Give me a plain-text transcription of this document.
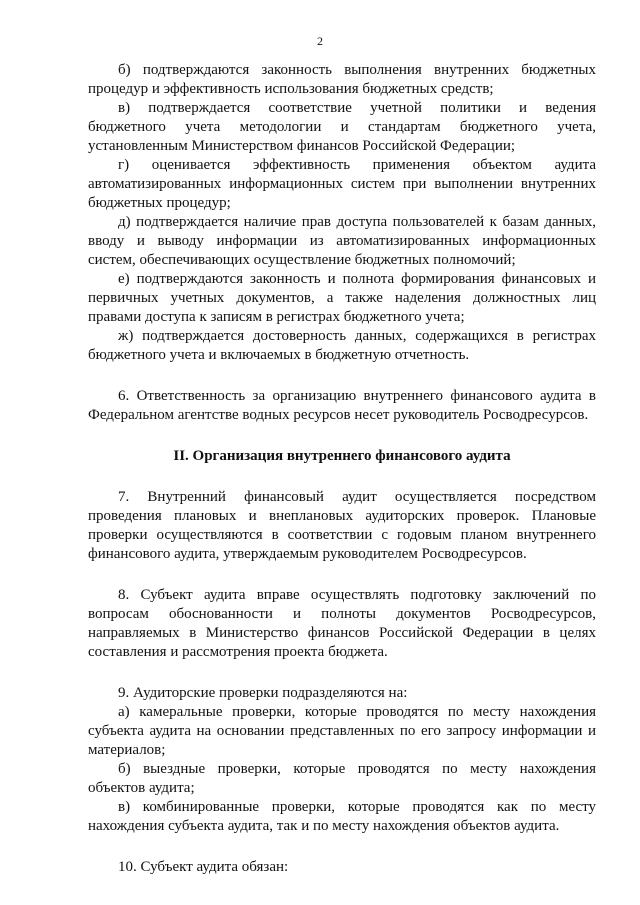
2
б) подтверждаются законность выполнения внутренних бюджетных
процедур и эффективность использования бюджетных средств;
в) подтверждается соответствие учетной политики и ведения
бюджетного учета методологии и стандартам бюджетного учета,
установленным Министерством финансов Российской Федерации;
г) оценивается эффективность применения объектом аудита
автоматизированных информационных систем при выполнении внутренних
бюджетных процедур;
д) подтверждается наличие прав доступа пользователей к базам данных,
вводу и выводу информации из автоматизированных информационных
систем, обеспечивающих осуществление бюджетных полномочий;
е) подтверждаются законность и полнота формирования финансовых и
первичных учетных документов, а также наделения должностных лиц
правами доступа к записям в регистрах бюджетного учета;
ж) подтверждается достоверность данных, содержащихся в регистрах
бюджетного учета и включаемых в бюджетную отчетность.
6. Ответственность за организацию внутреннего финансового аудита в
Федеральном агентстве водных ресурсов несет руководитель Росводресурсов.
II. Организация внутреннего финансового аудита
7. Внутренний финансовый аудит осуществляется посредством
проведения плановых и внеплановых аудиторских проверок. Плановые
проверки осуществляются в соответствии с годовым планом внутреннего
финансового аудита, утверждаемым руководителем Росводресурсов.
8. Субъект аудита вправе осуществлять подготовку заключений по
вопросам обоснованности и полноты документов Росводресурсов,
направляемых в Министерство финансов Российской Федерации в целях
составления и рассмотрения проекта бюджета.
9. Аудиторские проверки подразделяются на:
а) камеральные проверки, которые проводятся по месту нахождения
субъекта аудита на основании представленных по его запросу информации и
материалов;
б) выездные проверки, которые проводятся по месту нахождения
объектов аудита;
в) комбинированные проверки, которые проводятся как по месту
нахождения субъекта аудита, так и по месту нахождения объектов аудита.
10. Субъект аудита обязан:
